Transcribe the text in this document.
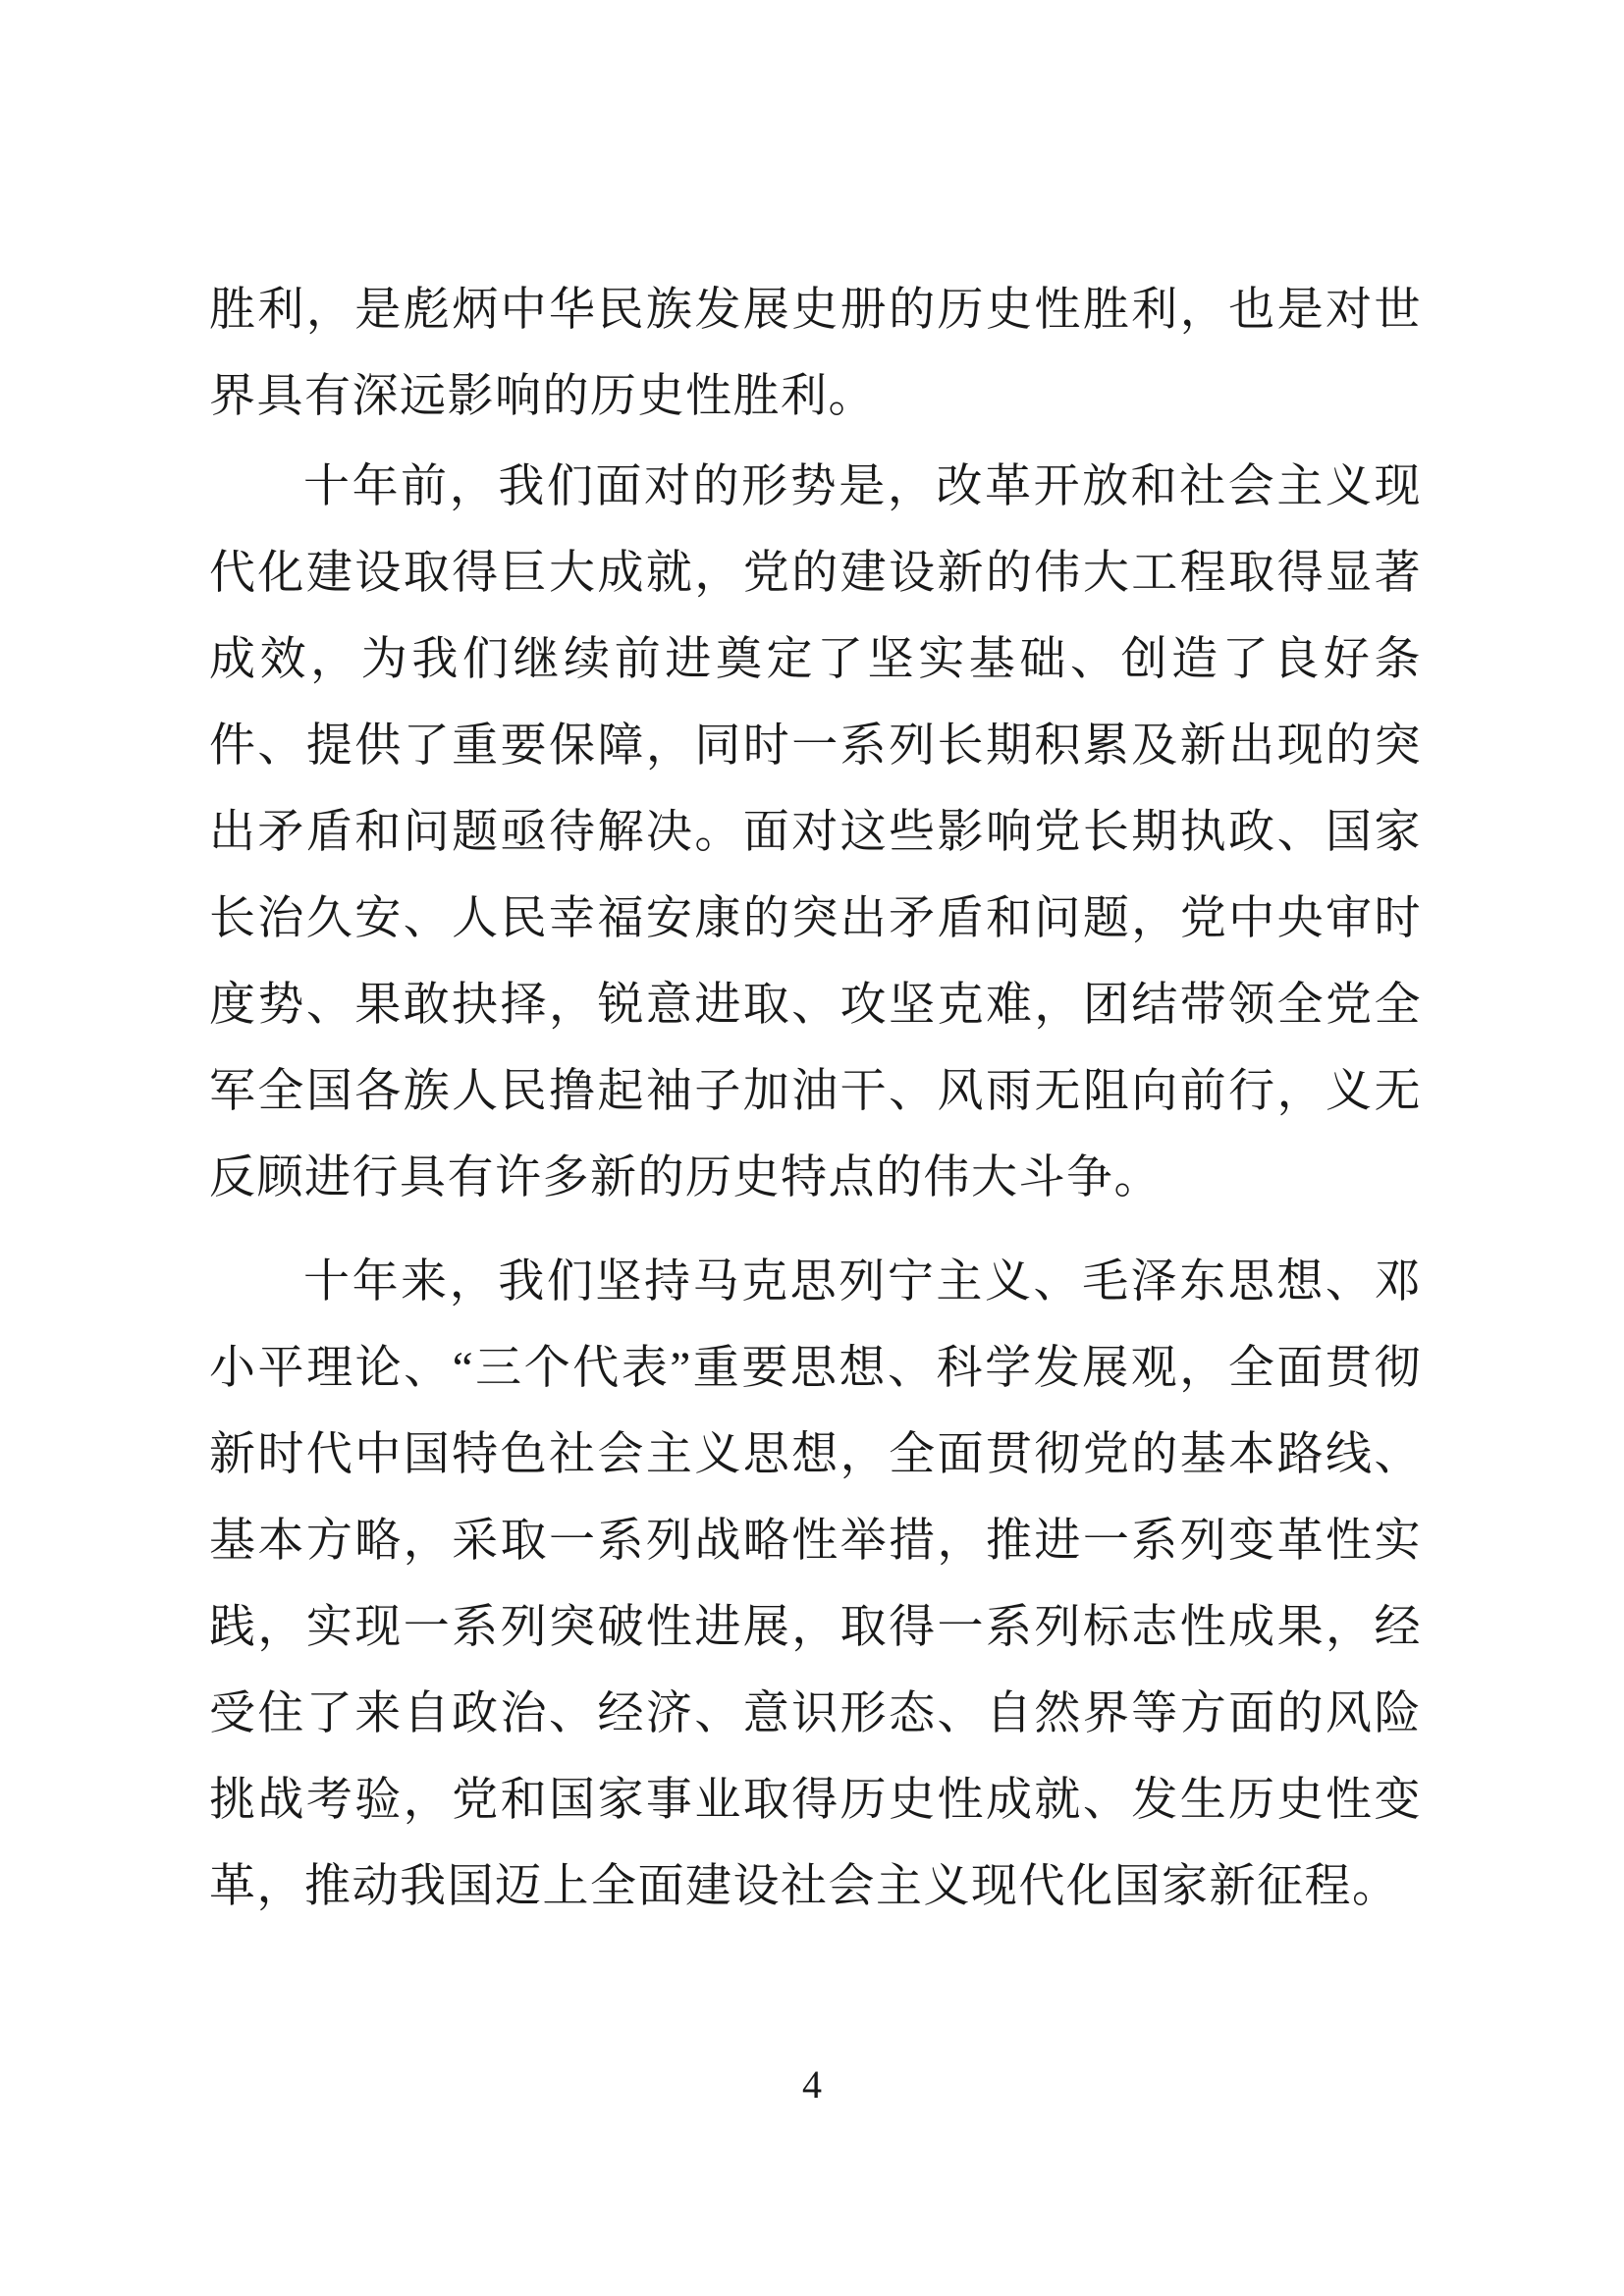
胜利，是彪炳中华民族发展史册的历史性胜利，也是对世界具有深远影响的历史性胜利。

十年前，我们面对的形势是，改革开放和社会主义现代化建设取得巨大成就，党的建设新的伟大工程取得显著成效，为我们继续前进奠定了坚实基础、创造了良好条件、提供了重要保障，同时一系列长期积累及新出现的突出矛盾和问题亟待解决。面对这些影响党长期执政、国家长治久安、人民幸福安康的突出矛盾和问题，党中央审时度势、果敢抉择，锐意进取、攻坚克难，团结带领全党全军全国各族人民撸起袖子加油干、风雨无阻向前行，义无反顾进行具有许多新的历史特点的伟大斗争。

十年来，我们坚持马克思列宁主义、毛泽东思想、邓小平理论、“三个代表”重要思想、科学发展观，全面贯彻新时代中国特色社会主义思想，全面贯彻党的基本路线、基本方略，采取一系列战略性举措，推进一系列变革性实践，实现一系列突破性进展，取得一系列标志性成果，经受住了来自政治、经济、意识形态、自然界等方面的风险挑战考验，党和国家事业取得历史性成就、发生历史性变革，推动我国迈上全面建设社会主义现代化国家新征程。

4
